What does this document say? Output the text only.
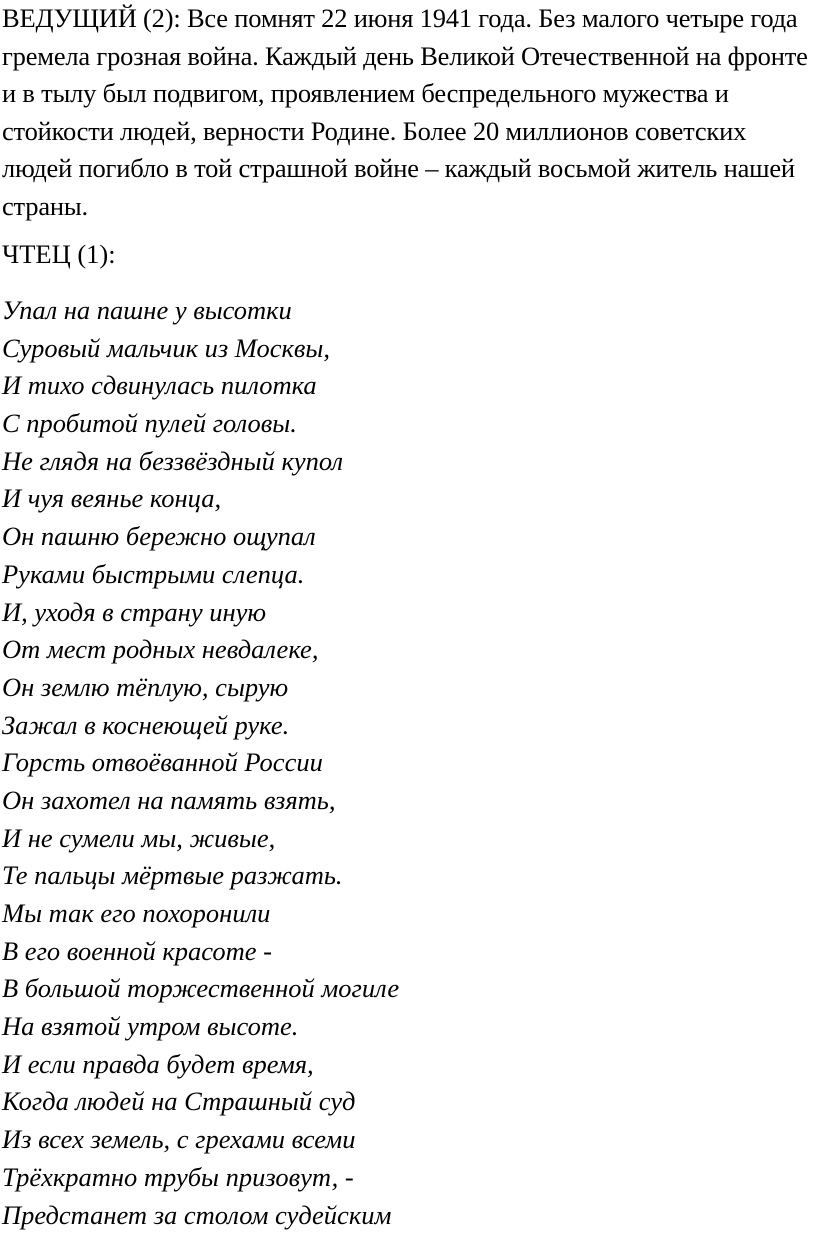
ВЕДУЩИЙ (2): Все помнят 22 июня 1941 года. Без малого четыре года гремела грозная война. Каждый день Великой Отечественной на фронте и в тылу был подвигом, проявлением беспредельного мужества и стойкости людей, верности Родине. Более 20 миллионов советских людей погибло в той страшной войне – каждый восьмой житель нашей страны.

ЧТЕЦ (1):

Упал на пашне у высотки
Суровый мальчик из Москвы,
И тихо сдвинулась пилотка
С пробитой пулей головы.
Не глядя на беззвёздный купол
И чуя веянье конца,
Он пашню бережно ощупал
Руками быстрыми слепца.
И, уходя в страну иную
От мест родных невдалеке,
Он землю тёплую, сырую
Зажал в коснеющей руке.
Горсть отвоёванной России
Он захотел на память взять,
И не сумели мы, живые,
Те пальцы мёртвые разжать.
Мы так его похоронили
В его военной красоте -
В большой торжественной могиле
На взятой утром высоте.
И если правда будет время,
Когда людей на Страшный суд
Из всех земель, с грехами всеми
Трёхкратно трубы призовут, -
Предстанет за столом судейским
